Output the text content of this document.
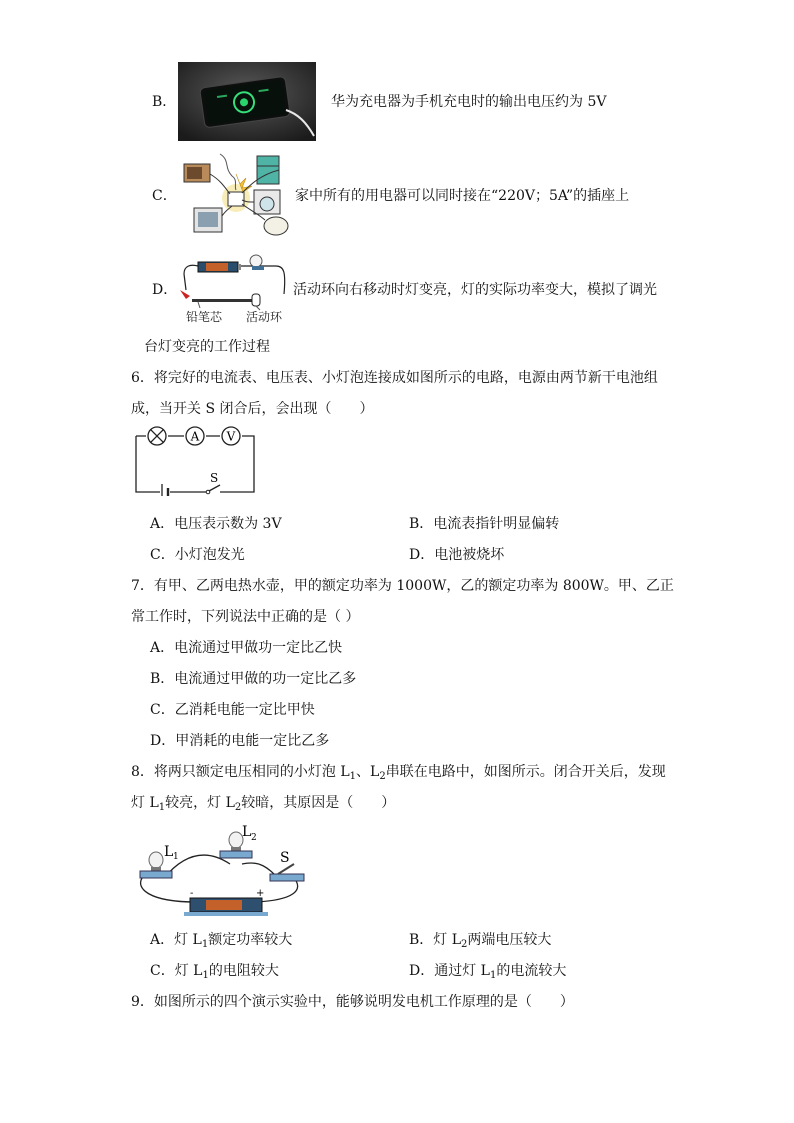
B．	华为充电器为手机充电时的输出电压约为 5V
C．	家中所有的用电器可以同时接在“220V；5A”的插座上
D．
铅笔芯 活动环
活动环向右移动时灯变亮，灯的实际功率变大，模拟了调光
台灯变亮的工作过程
6．将完好的电流表、电压表、小灯泡连接成如图所示的电路，电源由两节新干电池组
成，当开关 S 闭合后，会出现（　　）
A V
S
A．电压表示数为 3V	B．电流表指针明显偏转
C．小灯泡发光	D．电池被烧坏
7．有甲、乙两电热水壶，甲的额定功率为 1000W，乙的额定功率为 800W。甲、乙正
常工作时，下列说法中正确的是（ ）
A．电流通过甲做功一定比乙快
B．电流通过甲做的功一定比乙多
C．乙消耗电能一定比甲快
D．甲消耗的电能一定比乙多
8．将两只额定电压相同的小灯泡 $L_1$、$L_2$串联在电路中，如图所示。闭合开关后，发现
灯 $L_1$较亮，灯 $L_2$较暗，其原因是（　　）
L 1
L 2
S
-	+
A．灯 $L_1$额定功率较大	B．灯 $L_2$两端电压较大
C．灯 $L_1$的电阻较大	D．通过灯 $L_1$的电流较大
9．如图所示的四个演示实验中，能够说明发电机工作原理的是（　　）
